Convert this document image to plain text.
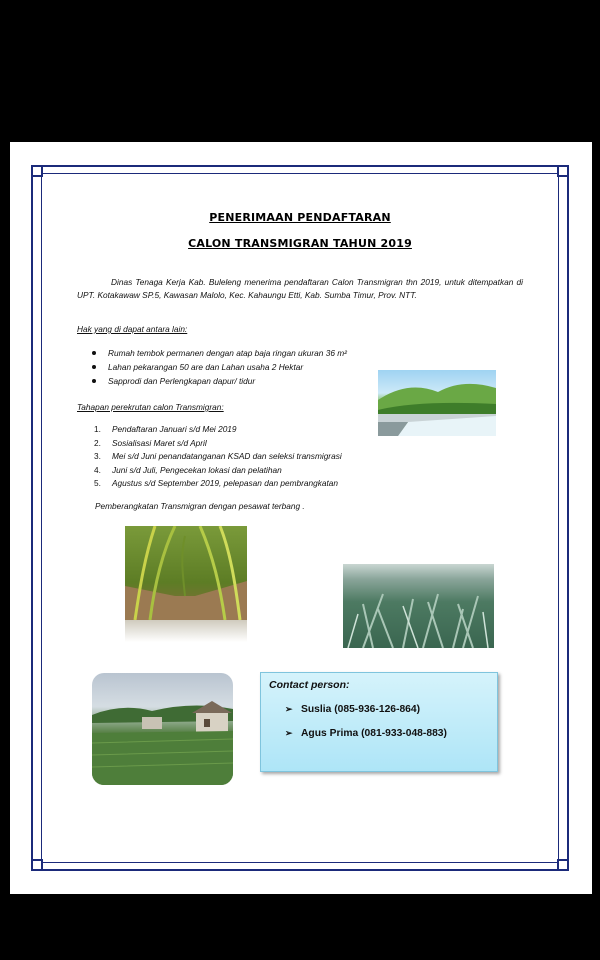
PENERIMAAN PENDAFTARAN
CALON TRANSMIGRAN TAHUN 2019
Dinas Tenaga Kerja Kab. Buleleng menerima pendaftaran Calon Transmigran thn 2019, untuk ditempatkan di UPT. Kotakawaw SP.5, Kawasan Malolo, Kec. Kahaungu Etti, Kab. Sumba Timur, Prov. NTT.
Hak yang di dapat antara lain:
Rumah tembok permanen dengan atap baja ringan ukuran 36 m²
Lahan pekarangan 50 are dan Lahan usaha 2 Hektar
Sapprodi dan Perlengkapan dapur/ tidur
Tahapan perekrutan calon Transmigran:
1. Pendaftaran Januari s/d Mei 2019
2. Sosialisasi Maret s/d April
3. Mei s/d Juni penandatanganan KSAD dan seleksi transmigrasi
4. Juni s/d Juli, Pengecekan lokasi dan pelatihan
5. Agustus s/d September 2019, pelepasan dan pembrangkatan
Pemberangkatan Transmigran dengan pesawat terbang .
Contact person:
➢ Suslia (085-936-126-864)
➢ Agus Prima (081-933-048-883)
